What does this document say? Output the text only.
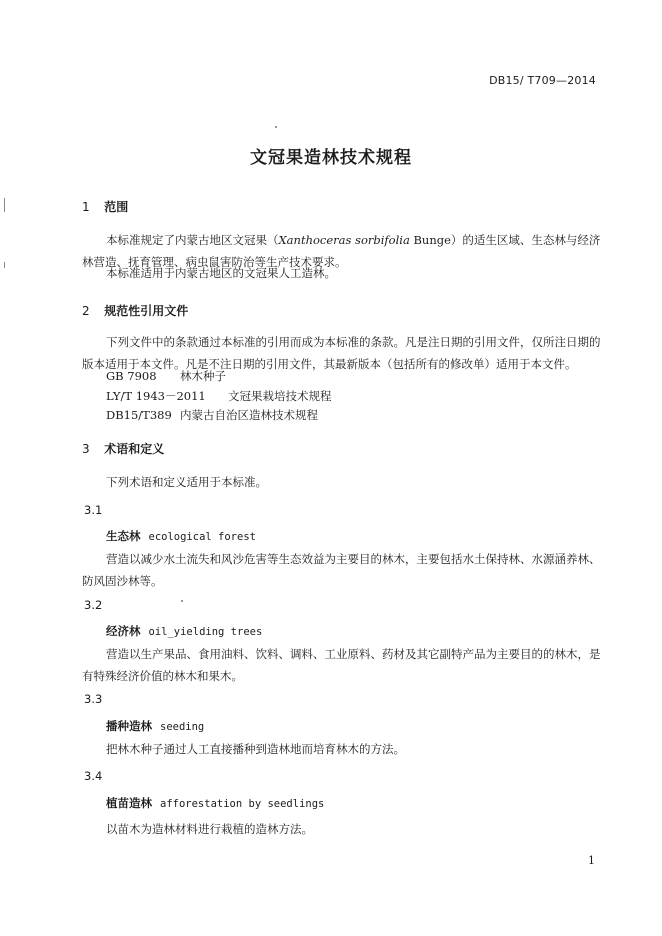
DB15/ T709—2014
文冠果造林技术规程
1 范围
本标准规定了内蒙古地区文冠果（Xanthoceras sorbifolia Bunge）的适生区域、生态林与经济林营造、抚育管理、病虫鼠害防治等生产技术要求。
本标准适用于内蒙古地区的文冠果人工造林。
2 规范性引用文件
下列文件中的条款通过本标准的引用而成为本标准的条款。凡是注日期的引用文件，仅所注日期的版本适用于本文件。凡是不注日期的引用文件，其最新版本（包括所有的修改单）适用于本文件。
GB 7908 林木种子
LY/T 1943－2011 文冠果栽培技术规程
DB15/T389 内蒙古自治区造林技术规程
3 术语和定义
下列术语和定义适用于本标准。
3.1
生态林 ecological forest
营造以减少水土流失和风沙危害等生态效益为主要目的林木，主要包括水土保持林、水源涵养林、防风固沙林等。
3.2
经济林 oil_yielding trees
营造以生产果品、食用油料、饮料、调料、工业原料、药材及其它副特产品为主要目的的林木，是有特殊经济价值的林木和果木。
3.3
播种造林 seeding
把林木种子通过人工直接播种到造林地而培育林木的方法。
3.4
植苗造林 afforestation by seedlings
以苗木为造林材料进行栽植的造林方法。
1
